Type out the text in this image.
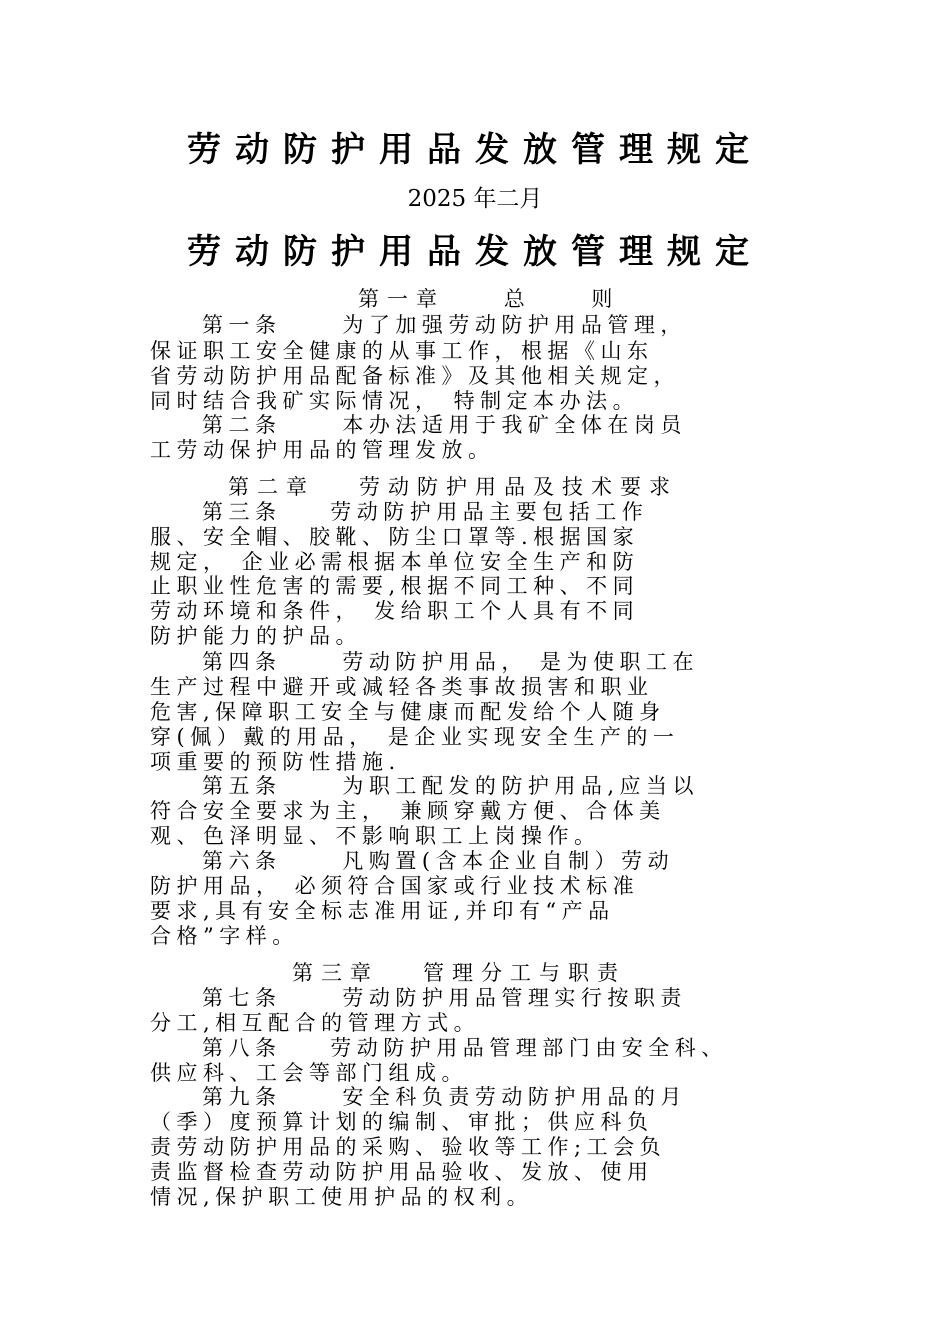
劳动防护用品发放管理规定
2025 年二月
劳动防护用品发放管理规定
第一章    总    则
第一条     为了加强劳动防护用品管理，
保证职工安全健康的从事工作，根据《山东
省劳动防护用品配备标准》及其他相关规定，
同时结合我矿实际情况， 特制定本办法。
第二条     本办法适用于我矿全体在岗员
工劳动保护用品的管理发放。
第二章   劳动防护用品及技术要求
第三条    劳动防护用品主要包括工作
服、安全帽、胶靴、防尘口罩等.根据国家
规定， 企业必需根据本单位安全生产和防
止职业性危害的需要,根据不同工种、不同
劳动环境和条件， 发给职工个人具有不同
防护能力的护品。
第四条     劳动防护用品， 是为使职工在
生产过程中避开或减轻各类事故损害和职业
危害,保障职工安全与健康而配发给个人随身
穿(佩）戴的用品， 是企业实现安全生产的一
项重要的预防性措施.
第五条     为职工配发的防护用品,应当以
符合安全要求为主， 兼顾穿戴方便、合体美
观、色泽明显、不影响职工上岗操作。
第六条     凡购置(含本企业自制）劳动
防护用品， 必须符合国家或行业技术标准
要求,具有安全标志准用证,并印有“产品
合格”字样。
第三章   管理分工与职责
第七条     劳动防护用品管理实行按职责
分工,相互配合的管理方式。
第八条    劳动防护用品管理部门由安全科、
供应科、工会等部门组成。
第九条     安全科负责劳动防护用品的月
（季）度预算计划的编制、审批；供应科负
责劳动防护用品的采购、验收等工作;工会负
责监督检查劳动防护用品验收、发放、使用
情况,保护职工使用护品的权利。
